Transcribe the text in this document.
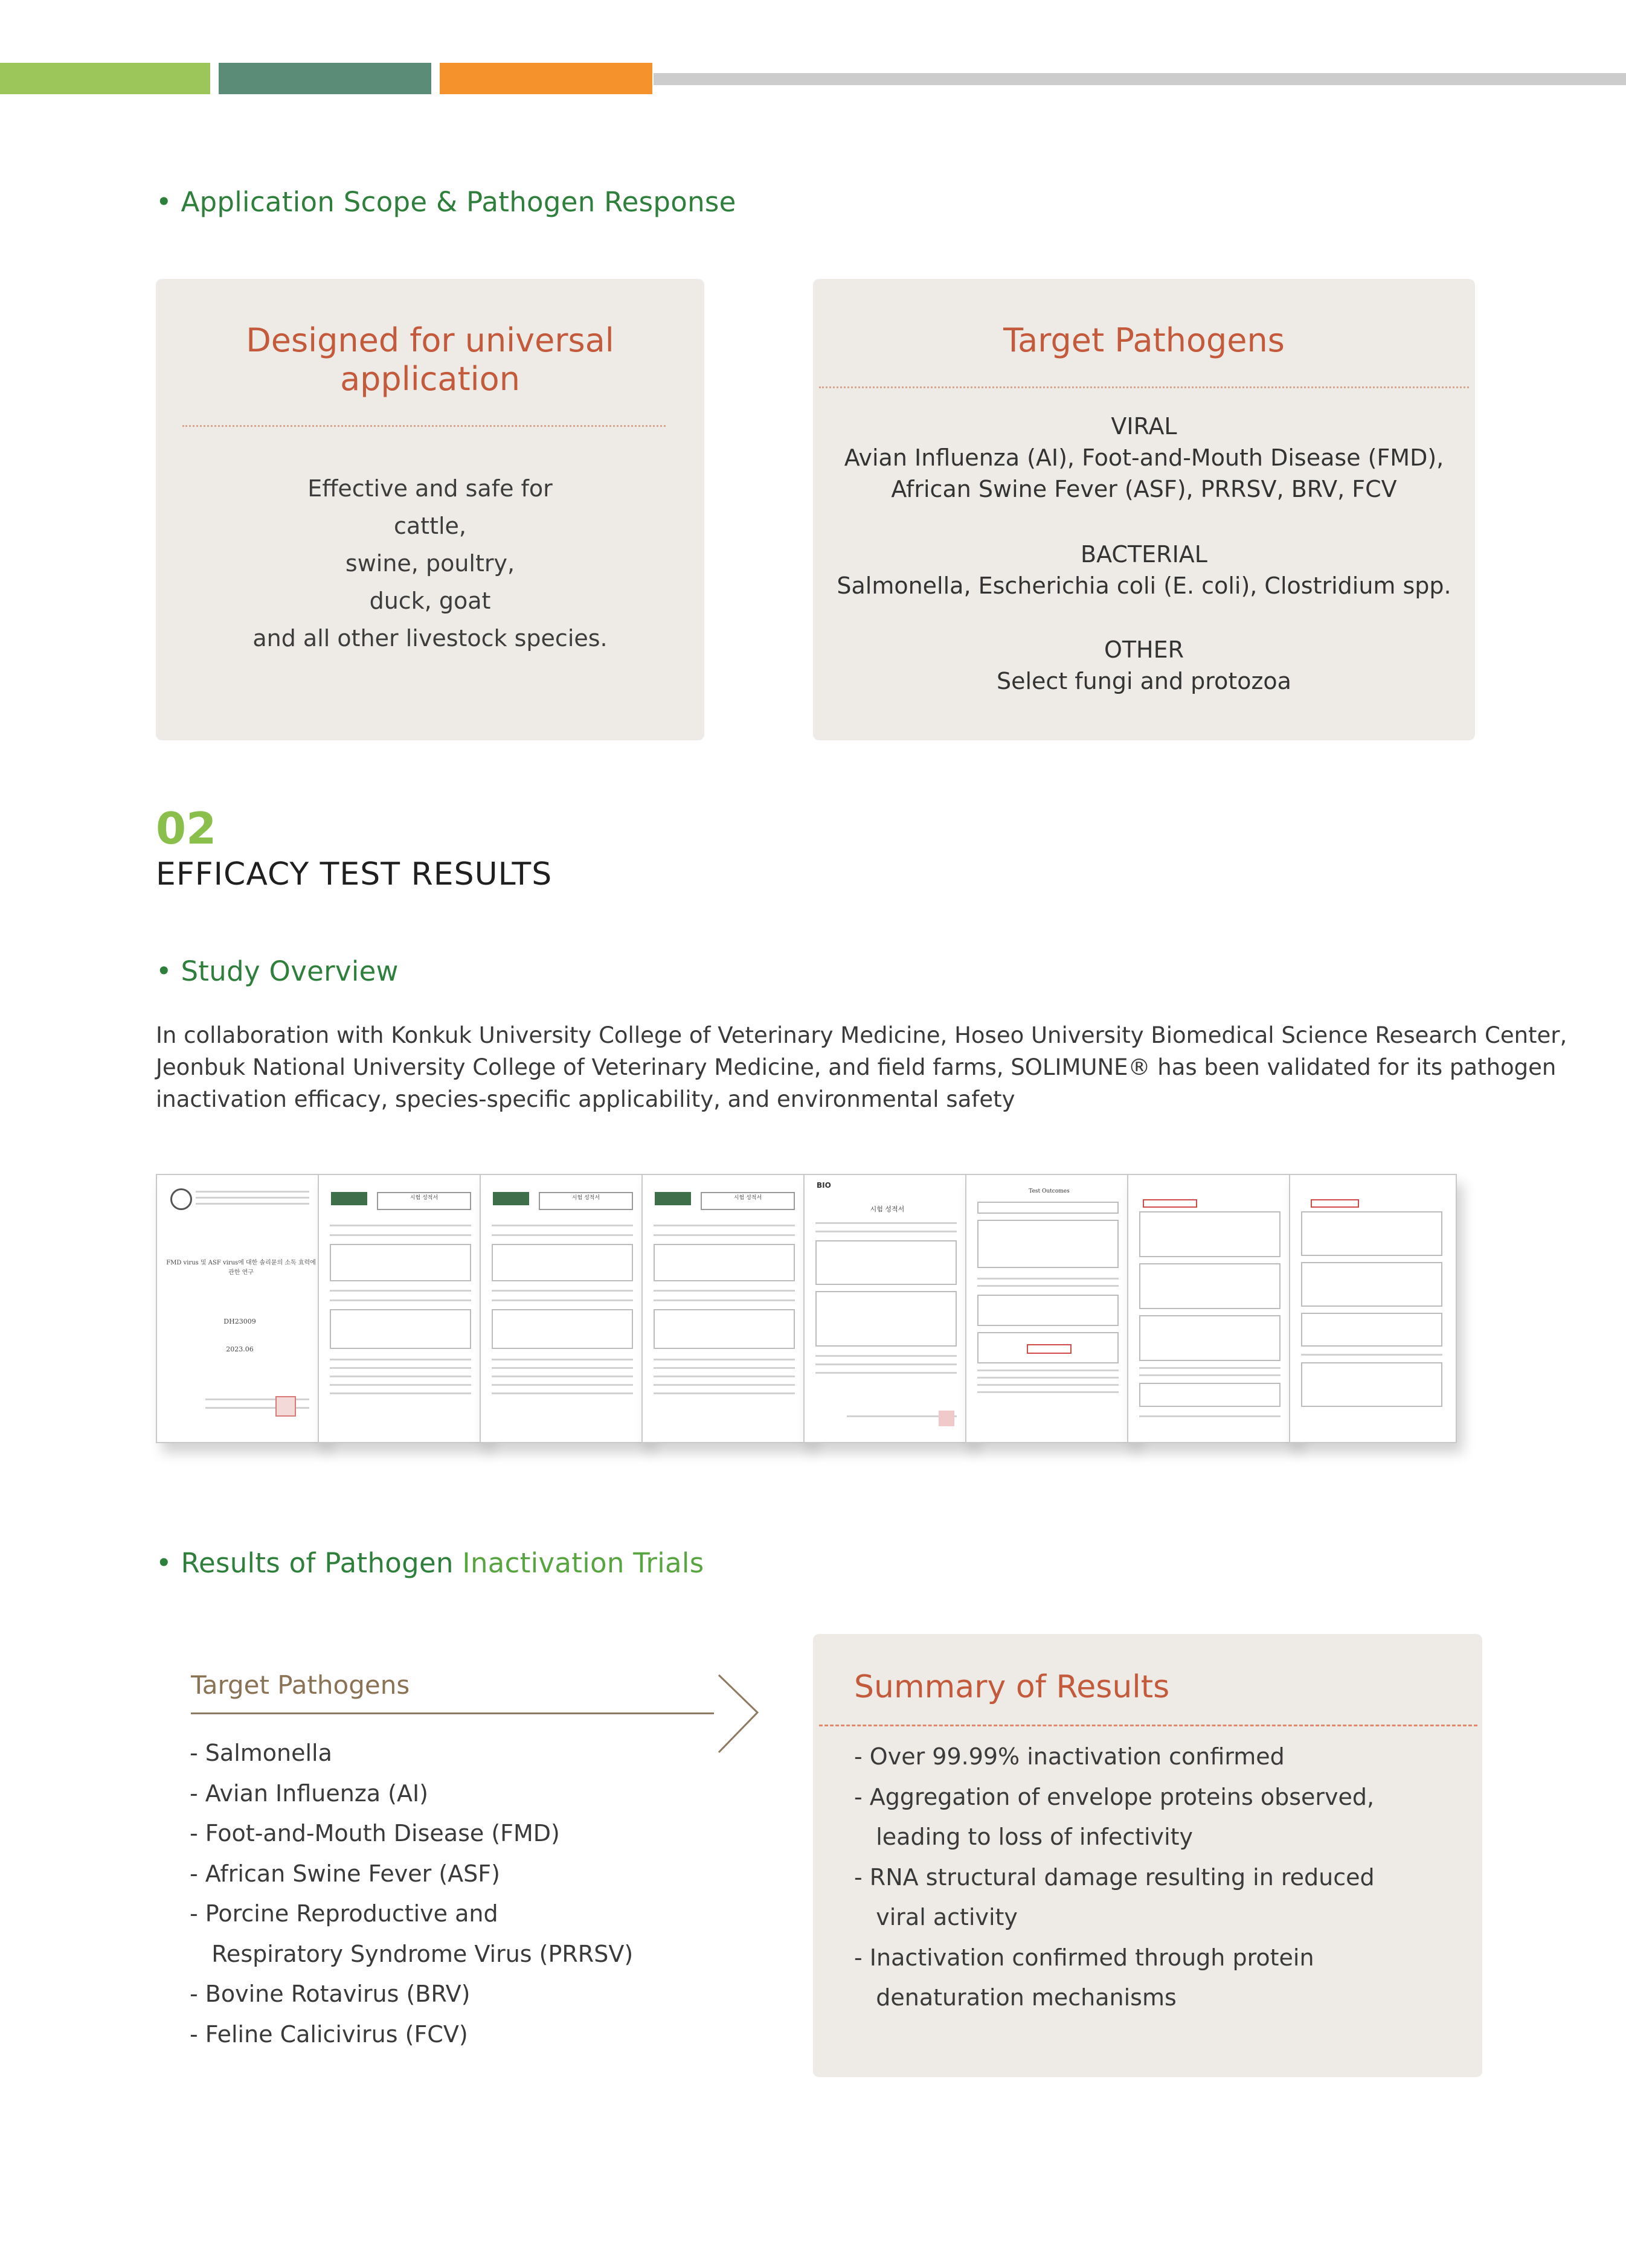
• Application Scope & Pathogen Response
Designed for universal
application
Effective and safe for
cattle,
swine, poultry,
duck, goat
and all other livestock species.
Target Pathogens
VIRAL
Avian Influenza (AI), Foot-and-Mouth Disease (FMD),
African Swine Fever (ASF), PRRSV, BRV, FCV
BACTERIAL
Salmonella, Escherichia coli (E. coli), Clostridium spp.
OTHER
Select fungi and protozoa
02
EFFICACY TEST RESULTS
• Study Overview
In collaboration with Konkuk University College of Veterinary Medicine, Hoseo University Biomedical Science Research Center, Jeonbuk National University College of Veterinary Medicine, and field farms, SOLIMUNE® has been validated for its pathogen inactivation efficacy, species-specific applicability, and environmental safety
FMD virus 및 ASF virus에 대한 솔리뮨의 소독 효력에 관한 연구
DH23009
2023.06
시험 성적서	시험 성적서	시험 성적서
BIO
시험 성적서
Test Outcomes
• Results of Pathogen Inactivation Trials
Target Pathogens
- Salmonella
- Avian Influenza (AI)
- Foot-and-Mouth Disease (FMD)
- African Swine Fever (ASF)
- Porcine Reproductive and
Respiratory Syndrome Virus (PRRSV)
- Bovine Rotavirus (BRV)
- Feline Calicivirus (FCV)
Summary of Results
- Over 99.99% inactivation confirmed
- Aggregation of envelope proteins observed,
leading to loss of infectivity
- RNA structural damage resulting in reduced
viral activity
- Inactivation confirmed through protein
denaturation mechanisms
